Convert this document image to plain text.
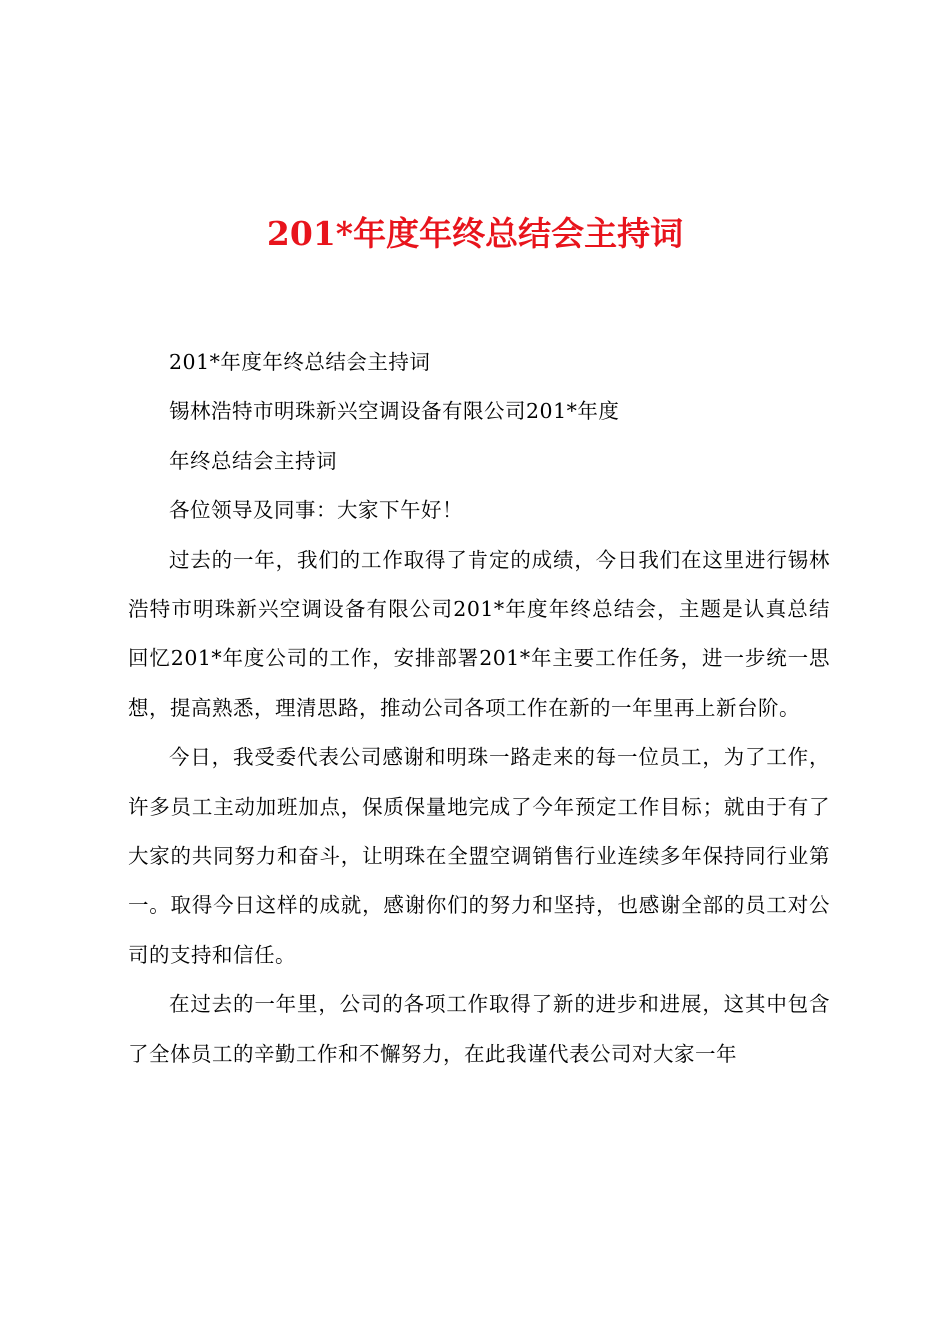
201*年度年终总结会主持词

201*年度年终总结会主持词

锡林浩特市明珠新兴空调设备有限公司201*年度

年终总结会主持词

各位领导及同事：大家下午好！

过去的一年，我们的工作取得了肯定的成绩，今日我们在这里进行锡林浩特市明珠新兴空调设备有限公司201*年度年终总结会，主题是认真总结回忆201*年度公司的工作，安排部署201*年主要工作任务，进一步统一思想，提高熟悉，理清思路，推动公司各项工作在新的一年里再上新台阶。

今日，我受委代表公司感谢和明珠一路走来的每一位员工，为了工作，许多员工主动加班加点，保质保量地完成了今年预定工作目标；就由于有了大家的共同努力和奋斗，让明珠在全盟空调销售行业连续多年保持同行业第一。取得今日这样的成就，感谢你们的努力和坚持，也感谢全部的员工对公司的支持和信任。

在过去的一年里，公司的各项工作取得了新的进步和进展，这其中包含了全体员工的辛勤工作和不懈努力，在此我谨代表公司对大家一年
